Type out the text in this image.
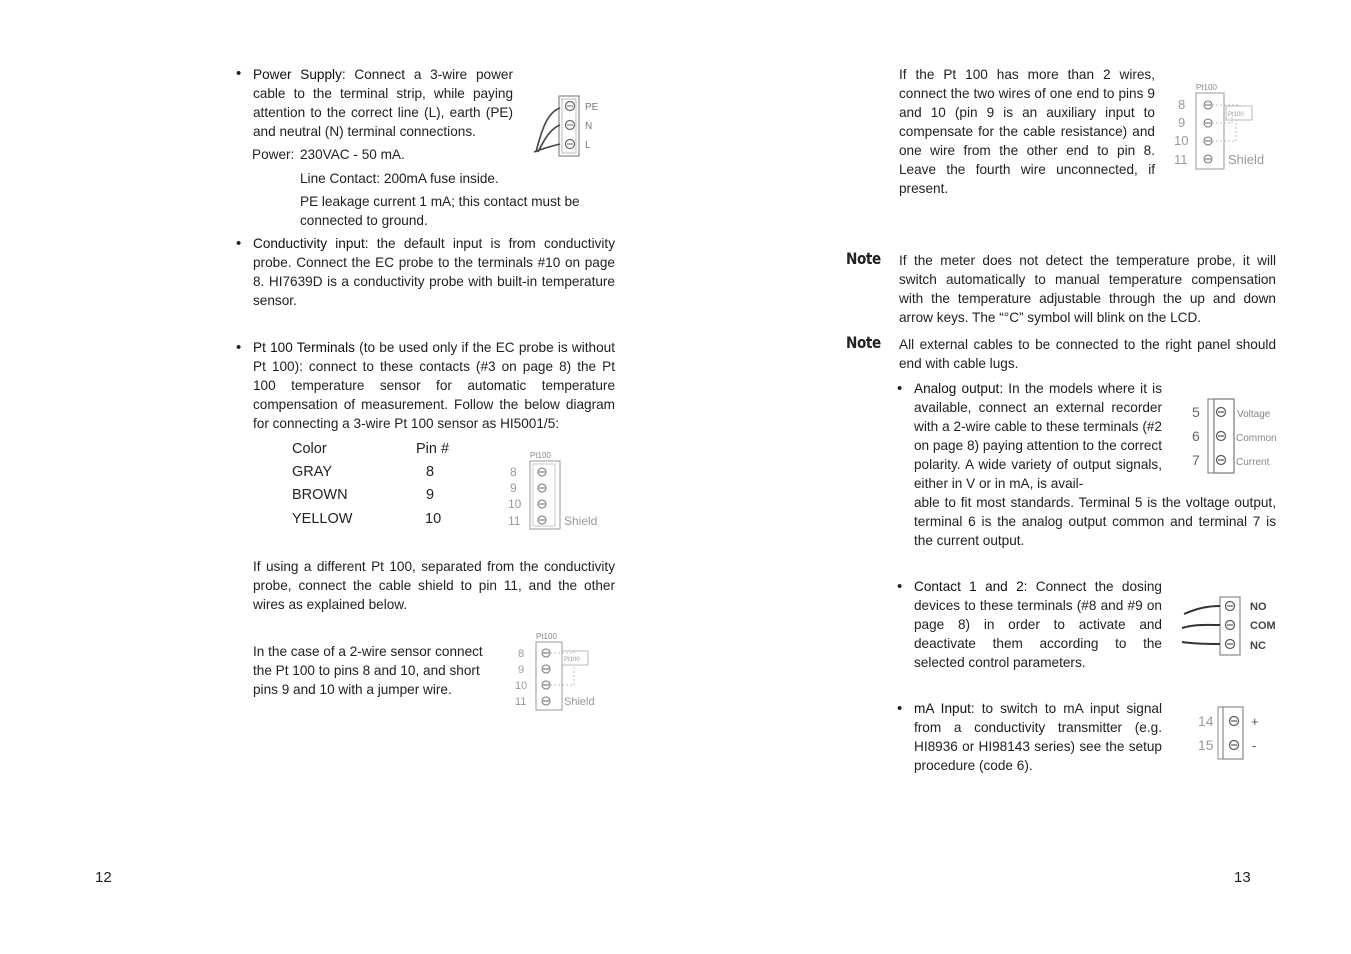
• Power Supply: Connect a 3-wire power cable to the terminal strip, while paying attention to the correct line (L), earth (PE) and neutral (N) terminal connections.
Power: 230VAC - 50 mA.
Line Contact: 200mA fuse inside.
PE leakage current 1 mA; this contact must be connected to ground.
PE
N
L
• Conductivity input: the default input is from conductivity probe. Connect the EC probe to the terminals #10 on page 8. HI7639D is a conductivity probe with built-in temperature sensor.
• Pt 100 Terminals (to be used only if the EC probe is without Pt 100): connect to these contacts (#3 on page 8) the Pt 100 temperature sensor for automatic temperature compensation of measurement. Follow the below diagram for connecting a 3-wire Pt 100 sensor as HI5001/5:
Color	Pin #
GRAY	8
BROWN	9
YELLOW	10
Pt100
8
9
10
11	Shield
If using a different Pt 100, separated from the conductivity probe, connect the cable shield to pin 11, and the other wires as explained below.
In the case of a 2-wire sensor connect the Pt 100 to pins 8 and 10, and short pins 9 and 10 with a jumper wire.
Pt100
Pt100
8
9
10
11	Shield
12
If the Pt 100 has more than 2 wires, connect the two wires of one end to pins 9 and 10 (pin 9 is an auxiliary input to compensate for the cable resistance) and one wire from the other end to pin 8. Leave the fourth wire unconnected, if present.
Pt100
Pt100
8
9
10
11	Shield
Note If the meter does not detect the temperature probe, it will switch automatically to manual temperature compensation with the temperature adjustable through the up and down arrow keys. The “°C” symbol will blink on the LCD.
Note All external cables to be connected to the right panel should end with cable lugs.
• Analog output: In the models where it is available, connect an external recorder with a 2-wire cable to these terminals (#2 on page 8) paying attention to the correct polarity. A wide variety of output signals, either in V or in mA, is avail-
able to fit most standards. Terminal 5 is the voltage output, terminal 6 is the analog output common and terminal 7 is the current output.
5
6
7
Voltage
Common
Current
• Contact 1 and 2: Connect the dosing devices to these terminals (#8 and #9 on page 8) in order to activate and deactivate them according to the selected control parameters.
NO
COM
NC
• mA Input: to switch to mA input signal from a conductivity transmitter (e.g. HI8936 or HI98143 series) see the setup procedure (code 6).
14
15
+
-
13
